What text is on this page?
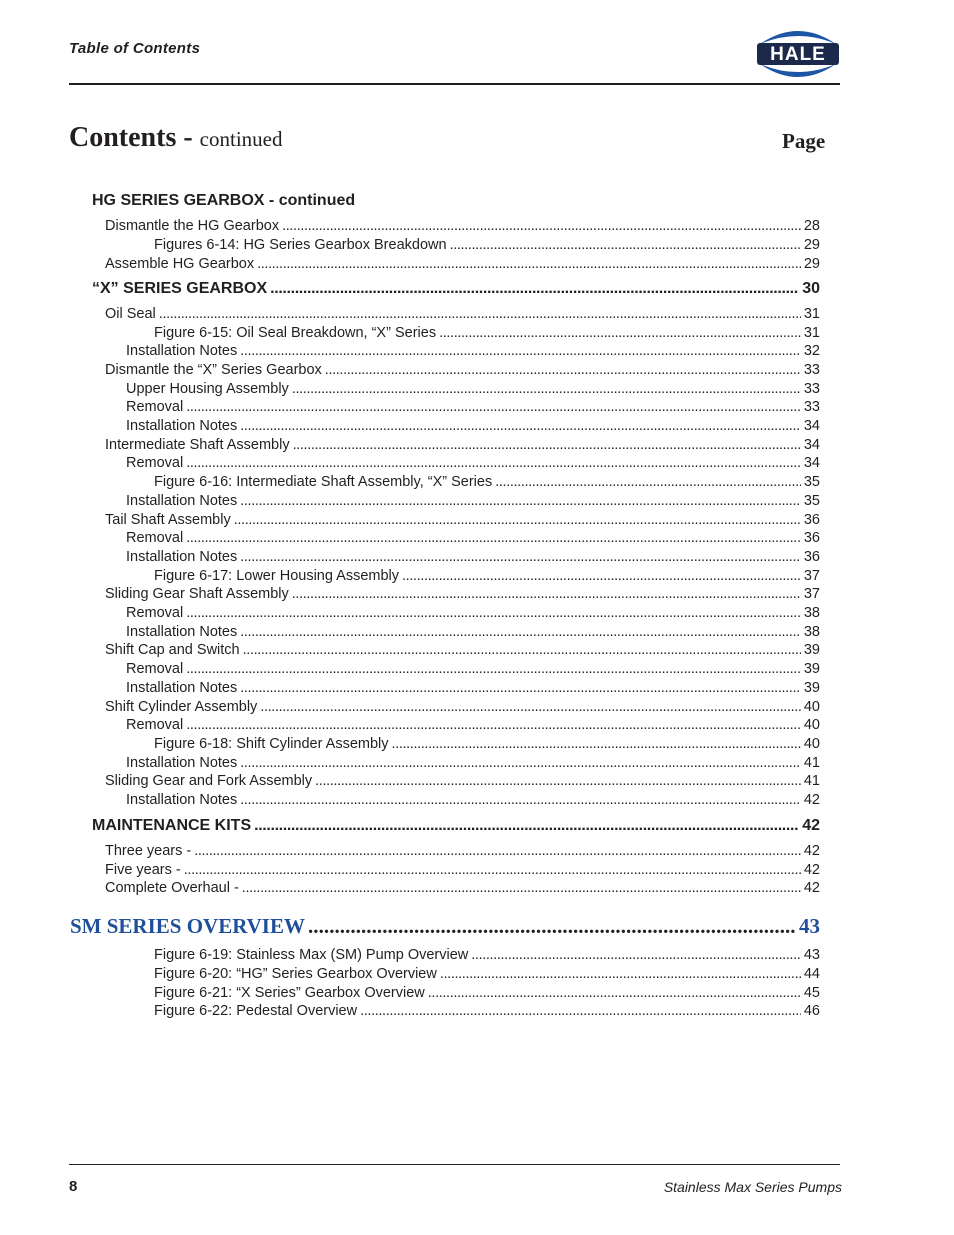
Table of Contents	HALE
Contents - continued	Page
HG SERIES GEARBOX - continued
Dismantle the HG Gearbox . . .	28
Figures 6-14: HG Series Gearbox Breakdown . . .	29
Assemble HG Gearbox . . .	29
“X” SERIES GEARBOX . . .	30
Oil Seal . . .	31
Figure 6-15: Oil Seal Breakdown, “X” Series . . .	31
Installation Notes . . .	32
Dismantle the “X” Series Gearbox . . .	33
Upper Housing Assembly . . .	33
Removal . . .	33
Installation Notes . . .	34
Intermediate Shaft Assembly . . .	34
Removal . . .	34
Figure 6-16: Intermediate Shaft Assembly, “X” Series . . .	35
Installation Notes . . .	35
Tail Shaft Assembly . . .	36
Removal . . .	36
Installation Notes . . .	36
Figure 6-17: Lower Housing Assembly . . .	37
Sliding Gear Shaft Assembly . . .	37
Removal . . .	38
Installation Notes . . .	38
Shift Cap and Switch . . .	39
Removal . . .	39
Installation Notes . . .	39
Shift Cylinder Assembly . . .	40
Removal . . .	40
Figure 6-18: Shift Cylinder Assembly . . .	40
Installation Notes . . .	41
Sliding Gear and Fork Assembly . . .	41
Installation Notes . . .	42
MAINTENANCE KITS . . .	42
Three years - . . .	42
Five years - . . .	42
Complete Overhaul - . . .	42
SM SERIES OVERVIEW . . .	43
Figure 6-19: Stainless Max (SM) Pump Overview . . .	43
Figure 6-20: “HG” Series Gearbox Overview . . .	44
Figure 6-21: “X Series” Gearbox Overview . . .	45
Figure 6-22: Pedestal Overview . . .	46
8	Stainless Max Series Pumps
